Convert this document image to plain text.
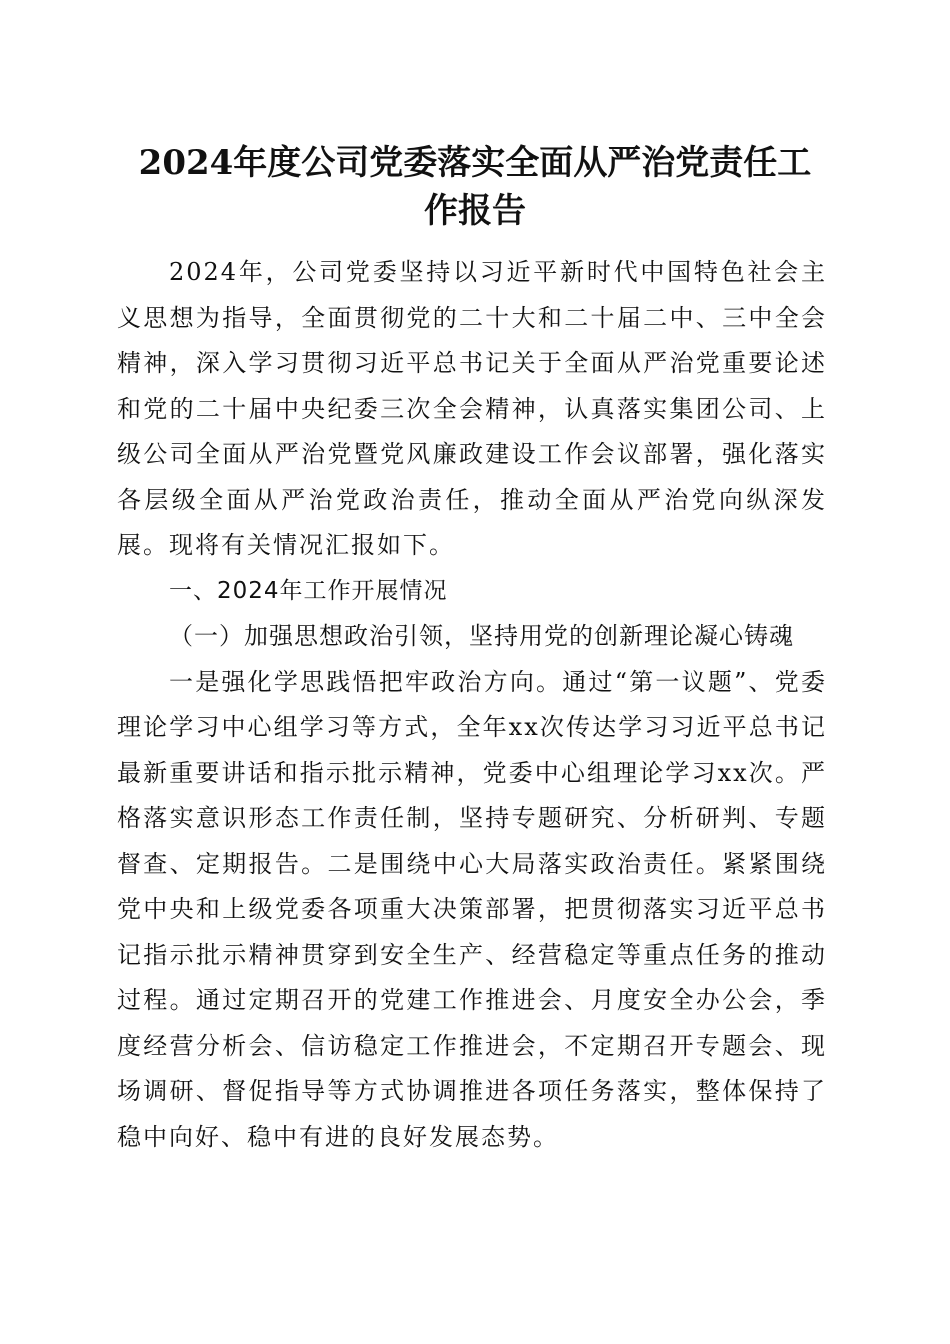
2024年度公司党委落实全面从严治党责任工
作报告

2024年，公司党委坚持以习近平新时代中国特色社会主义思想为指导，全面贯彻党的二十大和二十届二中、三中全会精神，深入学习贯彻习近平总书记关于全面从严治党重要论述和党的二十届中央纪委三次全会精神，认真落实集团公司、上级公司全面从严治党暨党风廉政建设工作会议部署，强化落实各层级全面从严治党政治责任，推动全面从严治党向纵深发展。现将有关情况汇报如下。

一、2024年工作开展情况

（一）加强思想政治引领，坚持用党的创新理论凝心铸魂

一是强化学思践悟把牢政治方向。通过“第一议题”、党委理论学习中心组学习等方式，全年xx次传达学习习近平总书记最新重要讲话和指示批示精神，党委中心组理论学习xx次。严格落实意识形态工作责任制，坚持专题研究、分析研判、专题督查、定期报告。二是围绕中心大局落实政治责任。紧紧围绕党中央和上级党委各项重大决策部署，把贯彻落实习近平总书记指示批示精神贯穿到安全生产、经营稳定等重点任务的推动过程。通过定期召开的党建工作推进会、月度安全办公会，季度经营分析会、信访稳定工作推进会，不定期召开专题会、现场调研、督促指导等方式协调推进各项任务落实，整体保持了稳中向好、稳中有进的良好发展态势。
